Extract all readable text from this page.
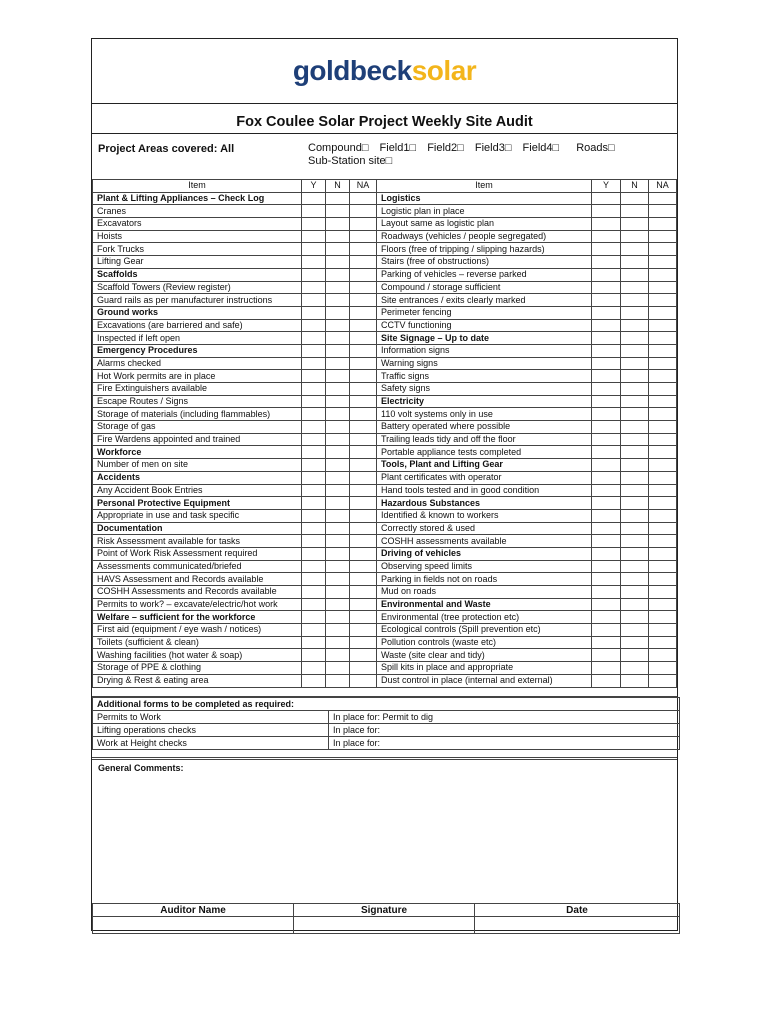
goldbecksolar
Fox Coulee Solar Project Weekly Site Audit
Project Areas covered: All	Compound□ Field1□ Field2□ Field3□ Field4□ Roads□
Sub-Station site□
Item	Y	N	NA	Item	Y	N	NA
Plant & Lifting Appliances – Check Log				Logistics			
Cranes				Logistic plan in place			
Excavators				Layout same as logistic plan			
Hoists				Roadways (vehicles / people segregated)			
Fork Trucks				Floors (free of tripping / slipping hazards)			
Lifting Gear				Stairs (free of obstructions)			
Scaffolds				Parking of vehicles – reverse parked			
Scaffold Towers (Review register)				Compound / storage sufficient			
Guard rails as per manufacturer instructions				Site entrances / exits clearly marked			
Ground works				Perimeter fencing			
Excavations (are barriered and safe)				CCTV functioning			
Inspected if left open				Site Signage – Up to date			
Emergency Procedures				Information signs			
Alarms checked				Warning signs			
Hot Work permits are in place				Traffic signs			
Fire Extinguishers available				Safety signs			
Escape Routes / Signs				Electricity			
Storage of materials (including flammables)				110 volt systems only in use			
Storage of gas				Battery operated where possible			
Fire Wardens appointed and trained				Trailing leads tidy and off the floor			
Workforce				Portable appliance tests completed			
Number of men on site				Tools, Plant and Lifting Gear			
Accidents				Plant certificates with operator			
Any Accident Book Entries				Hand tools tested and in good condition			
Personal Protective Equipment				Hazardous Substances			
Appropriate in use and task specific				Identified & known to workers			
Documentation				Correctly stored & used			
Risk Assessment available for tasks				COSHH assessments available			
Point of Work Risk Assessment required				Driving of vehicles			
Assessments communicated/briefed				Observing speed limits			
HAVS Assessment and Records available				Parking in fields not on roads			
COSHH Assessments and Records available				Mud on roads			
Permits to work? – excavate/electric/hot work				Environmental and Waste			
Welfare – sufficient for the workforce				Environmental (tree protection etc)			
First aid (equipment / eye wash / notices)				Ecological controls (Spill prevention etc)			
Toilets (sufficient & clean)				Pollution controls (waste etc)			
Washing facilities (hot water & soap)				Waste (site clear and tidy)			
Storage of PPE & clothing				Spill kits in place and appropriate			
Drying & Rest & eating area				Dust control in place (internal and external)			
Additional forms to be completed as required:	
Permits to Work	In place for: Permit to dig
Lifting operations checks	In place for:
Work at Height checks	In place for:
General Comments:
Auditor Name	Signature	Date
